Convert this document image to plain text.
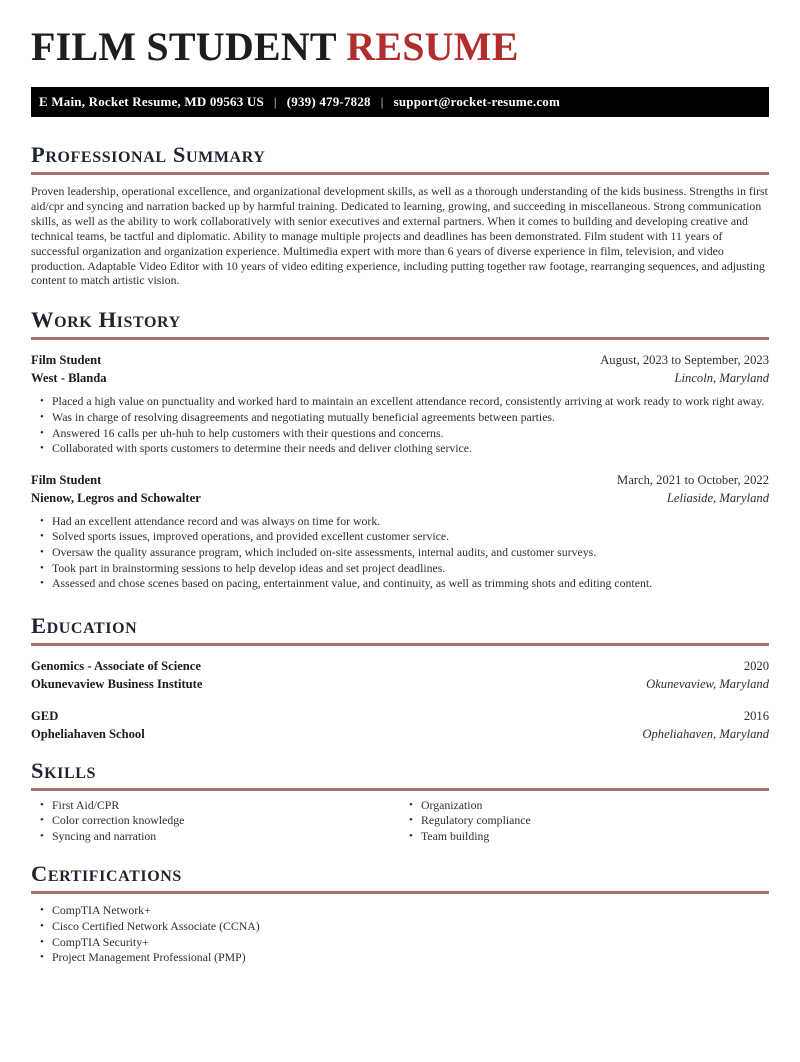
FILM STUDENT RESUME
E Main, Rocket Resume, MD 09563 US | (939) 479-7828 | support@rocket-resume.com
Professional Summary

Proven leadership, operational excellence, and organizational development skills, as well as a thorough understanding of the kids business. Strengths in first aid/cpr and syncing and narration backed up by harmful training. Dedicated to learning, growing, and succeeding in miscellaneous. Strong communication skills, as well as the ability to work collaboratively with senior executives and external partners. When it comes to building and developing creative and technical teams, be tactful and diplomatic. Ability to manage multiple projects and deadlines has been demonstrated. Film student with 11 years of successful organization and organization experience. Multimedia expert with more than 6 years of diverse experience in film, television, and video production. Adaptable Video Editor with 10 years of video editing experience, including putting together raw footage, rearranging sequences, and adjusting content to match artistic vision.

Work History
Film Student	August, 2023 to September, 2023
West - Blanda	Lincoln, Maryland
• Placed a high value on punctuality and worked hard to maintain an excellent attendance record, consistently arriving at work ready to work right away.
• Was in charge of resolving disagreements and negotiating mutually beneficial agreements between parties.
• Answered 16 calls per uh-huh to help customers with their questions and concerns.
• Collaborated with sports customers to determine their needs and deliver clothing service.
Film Student	March, 2021 to October, 2022
Nienow, Legros and Schowalter	Leliaside, Maryland
• Had an excellent attendance record and was always on time for work.
• Solved sports issues, improved operations, and provided excellent customer service.
• Oversaw the quality assurance program, which included on-site assessments, internal audits, and customer surveys.
• Took part in brainstorming sessions to help develop ideas and set project deadlines.
• Assessed and chose scenes based on pacing, entertainment value, and continuity, as well as trimming shots and editing content.
Education
Genomics - Associate of Science	2020
Okunevaview Business Institute	Okunevaview, Maryland
GED	2016
Opheliahaven School	Opheliahaven, Maryland
Skills
• First Aid/CPR
• Color correction knowledge
• Syncing and narration
• Organization
• Regulatory compliance
• Team building
Certifications
• CompTIA Network+
• Cisco Certified Network Associate (CCNA)
• CompTIA Security+
• Project Management Professional (PMP)
